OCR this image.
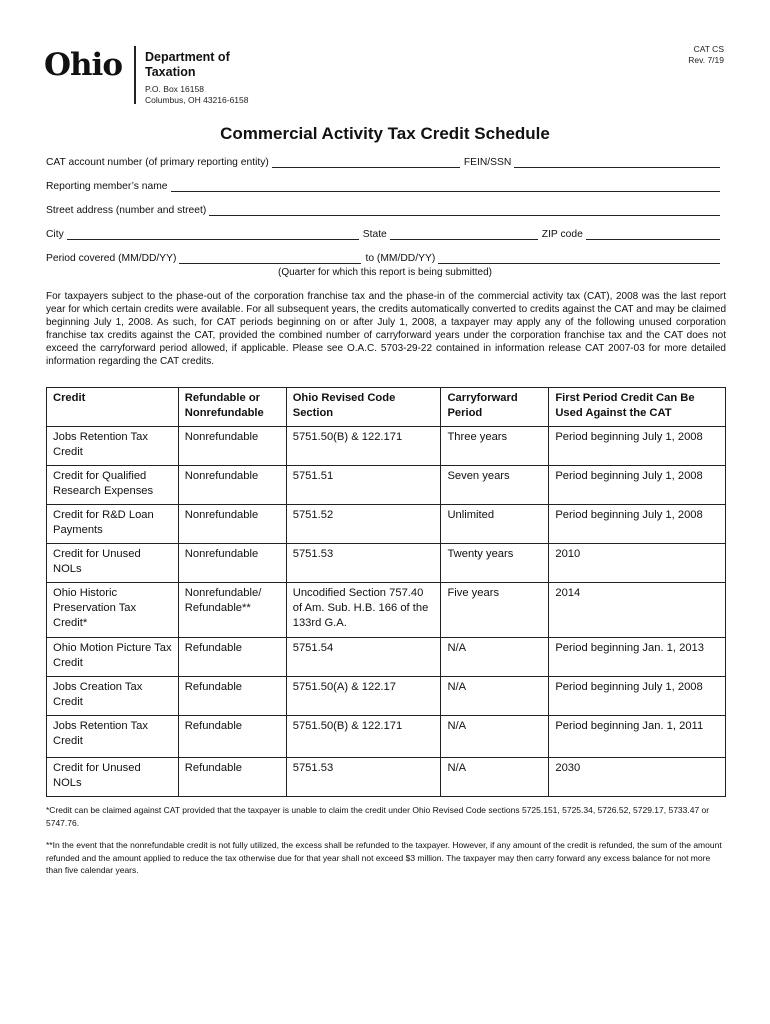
Ohio Department of
Taxation
P.O. Box 16158
Columbus, OH 43216-6158
CAT CS
Rev. 7/19
Commercial Activity Tax Credit Schedule
CAT account number (of primary reporting entity)	FEIN/SSN
Reporting member’s name
Street address (number and street)
City	State	ZIP code
Period covered (MM/DD/YY)	to (MM/DD/YY)
(Quarter for which this report is being submitted)
For taxpayers subject to the phase-out of the corporation franchise tax and the phase-in of the commercial activity tax (CAT), 2008 was the last report year for which certain credits were available. For all subsequent years, the credits automatically converted to credits against the CAT and may be claimed beginning July 1, 2008. As such, for CAT periods beginning on or after July 1, 2008, a taxpayer may apply any of the following unused corporation franchise tax credits against the CAT, provided the combined number of carryforward years under the corporation franchise tax and the CAT does not exceed the carryforward period allowed, if applicable. Please see O.A.C. 5703-29-22 contained in information release CAT 2007-03 for more detailed information regarding the CAT credits.
Credit	Refundable or Nonrefundable	Ohio Revised Code Section	Carryforward Period	First Period Credit Can Be Used Against the CAT
Jobs Retention Tax Credit	Nonrefundable	5751.50(B) & 122.171	Three years	Period beginning July 1, 2008
Credit for Qualified Research Expenses	Nonrefundable	5751.51	Seven years	Period beginning July 1, 2008
Credit for R&D Loan Payments	Nonrefundable	5751.52	Unlimited	Period beginning July 1, 2008
Credit for Unused NOLs	Nonrefundable	5751.53	Twenty years	2010
Ohio Historic Preservation Tax Credit*	Nonrefundable/ Refundable**	Uncodified Section 757.40 of Am. Sub. H.B. 166 of the 133rd G.A.	Five years	2014
Ohio Motion Picture Tax Credit	Refundable	5751.54	N/A	Period beginning Jan. 1, 2013
Jobs Creation Tax Credit	Refundable	5751.50(A) & 122.17	N/A	Period beginning July 1, 2008
Jobs Retention Tax Credit	Refundable	5751.50(B) & 122.171	N/A	Period beginning Jan. 1, 2011
Credit for Unused NOLs	Refundable	5751.53	N/A	2030
*Credit can be claimed against CAT provided that the taxpayer is unable to claim the credit under Ohio Revised Code sections 5725.151, 5725.34, 5726.52, 5729.17, 5733.47 or 5747.76.
**In the event that the nonrefundable credit is not fully utilized, the excess shall be refunded to the taxpayer. However, if any amount of the credit is refunded, the sum of the amount refunded and the amount applied to reduce the tax otherwise due for that year shall not exceed $3 million. The taxpayer may then carry forward any excess balance for not more than five calendar years.
